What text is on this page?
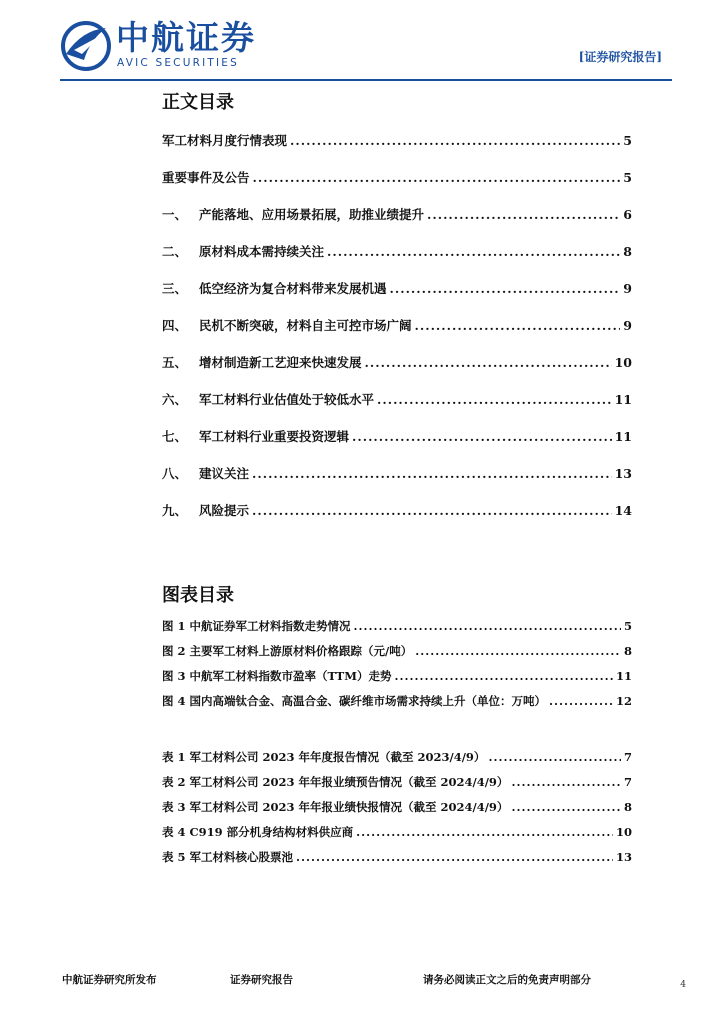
中航证券
AVIC SECURITIES	[证券研究报告]
正文目录
军工材料月度行情表现 .....	5
重要事件及公告 .....	5
一、 产能落地、应用场景拓展，助推业绩提升 .....	6
二、 原材料成本需持续关注 .....	8
三、 低空经济为复合材料带来发展机遇 .....	9
四、 民机不断突破，材料自主可控市场广阔 .....	9
五、 增材制造新工艺迎来快速发展 .....	10
六、 军工材料行业估值处于较低水平 .....	11
七、 军工材料行业重要投资逻辑 .....	11
八、 建议关注 .....	13
九、 风险提示 .....	14
图表目录
图 1 中航证券军工材料指数走势情况 .....	5
图 2 主要军工材料上游原材料价格跟踪（元/吨） .....	8
图 3 中航军工材料指数市盈率（TTM）走势 .....	11
图 4 国内高端钛合金、高温合金、碳纤维市场需求持续上升（单位：万吨） .....	12
表 1 军工材料公司 2023 年年度报告情况（截至 2023/4/9） .....	7
表 2 军工材料公司 2023 年年报业绩预告情况（截至 2024/4/9） .....	7
表 3 军工材料公司 2023 年年报业绩快报情况（截至 2024/4/9） .....	8
表 4 C919 部分机身结构材料供应商 .....	10
表 5 军工材料核心股票池 .....	13
中航证券研究所发布	证券研究报告	请务必阅读正文之后的免责声明部分	4
